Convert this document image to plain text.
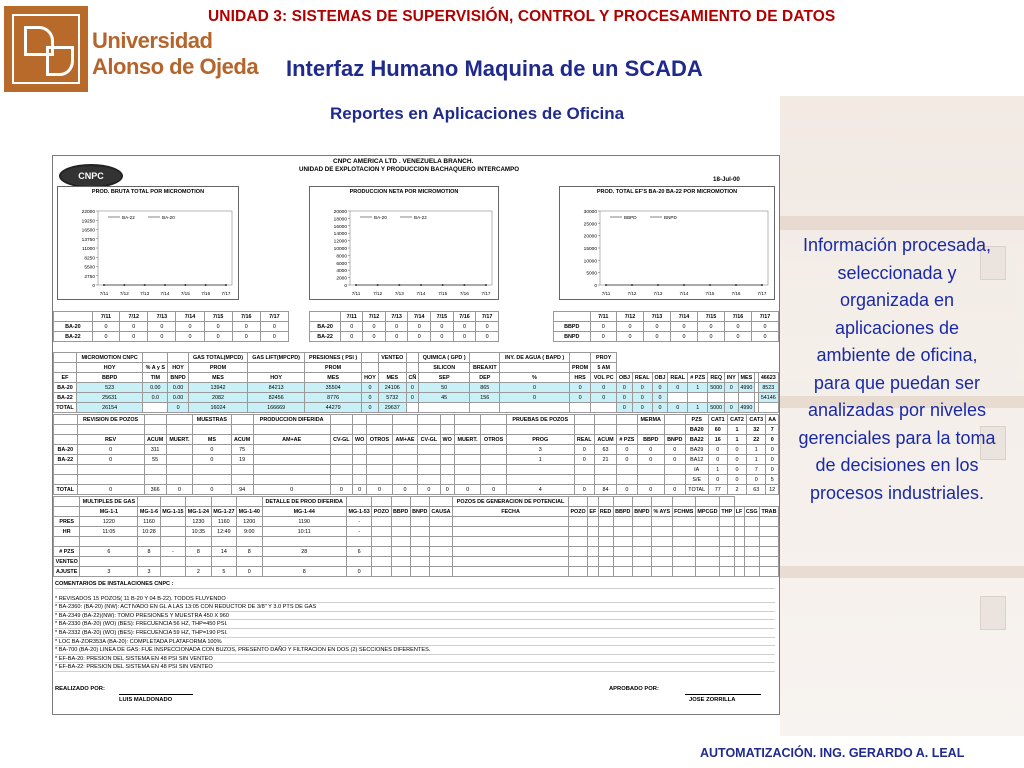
Universidad
Alonso de Ojeda
UNIDAD 3: SISTEMAS DE SUPERVISIÓN, CONTROL Y PROCESAMIENTO DE DATOS
Interfaz Humano Maquina de un SCADA
Reportes en Aplicaciones de Oficina
CNPC
CNPC AMERICA LTD . VENEZUELA BRANCH.
UNIDAD DE EXPLOTACION Y PRODUCCION BACHAQUERO INTERCAMPO
18-Jul-00
PROD. BRUTA TOTAL POR MICROMOTION
22000
19250
16500
13750
11000
8250
5500
2750
0
BA-22	BA-20
7/11	7/12 7/13 7/14 7/15 7/16 7/17
PRODUCCION NETA POR MICROMOTION
20000
18000
16000
14000
12000
10000
8000
6000
4000
2000
0
BA-20	BA-22
7/11	7/12	7/13	7/14	7/15	7/16	7/17
PROD. TOTAL EF'S BA-20 BA-22 POR MICROMOTION
30000
25000
20000
15000
10000
5000
0
BBPD	BNPD
7/11	7/12	7/13	7/14	7/15	7/16	7/17
	7/11	7/12	7/13	7/14	7/15	7/16	7/17
BA-20	0	0	0	0	0	0	0
BA-22	0	0	0	0	0	0	0
	7/11	7/12	7/13	7/14	7/15	7/16	7/17
BA-20	0	0	0	0	0	0	0
BA-22	0	0	0	0	0	0	0
	7/11	7/12	7/13	7/14	7/15	7/16	7/17
BBPD	0	0	0	0	0	0	0
BNPD	0	0	0	0	0	0	0
	MICROMOTION CNPC			GAS TOTAL(MPCD)	GAS LIFT(MPCPD)	PRESIONES ( PSI )		VENTEO		QUIMICA ( GPD )		INY. DE AGUA ( BAPD )		PROY										
	HOY	% A y S	HOY	PROM		PROM				SILICON	BREAXIT		PROM	5 AM										
EF	BBPD	TIM	BNPD	MES	HOY	MES	HOY	MES	CÑ	SEP	DEP	%	HRS	VOL PC	OBJ	REAL	OBJ	REAL	# PZS	REQ	INY	MES		46623
BA-20	523	0.00	0.00	13942	84213	35504	0	24106	0	50	865	0	0	0	0	0	0	0	1	5000	0	4990		8523
BA-22	25631	0.0	0.00	2082	82456	8776	0	5732	0	45	156	0	0	0	0	0	0							54146
TOTAL	26154		0	16024	166669	44279	0	29637							0	0	0	0	1	5000	0	4990		
	REVISION DE POZOS			MUESTRAS		PRODUCCION DIFERIDA									PRUEBAS DE POZOS				MERMA		PZS	CAT1	CAT2	CAT3	AA
																					BA20	60	1	32	7
	REV	ACUM	MUERT.	MS	ACUM	AM+AE	CV-GL	WO	OTROS	AM+AE	CV-GL	WO	MUERT.	OTROS	PROG	REAL	ACUM	# PZS	BBPD	BNPD	BA22	16	1	22	0
BA-20	0	311		0	75										3	0	63	0	0	0	BA29	0	0	1	0
BA-22	0	55		0	19										1	0	21	0	0	0	BA12	0	0	1	0
																					IA	1	0	7	0
																					S/E	0	0	0	5
TOTAL	0	366	0	0	94	0	0	0	0	0	0	0	0	0	4	0	84	0	0	0	TOTAL	77	2	63	12
	MULTIPLES DE GAS						DETALLE DE PROD DIFERIDA						POZOS DE GENERACION DE POTENCIAL												
	MG-1-1	MG-1-6	MG-1-15	MG-1-24	MG-1-27	MG-1-40	MG-1-44	MG-1-53	POZO	BBPD	BNPD	CAUSA	FECHA	POZO	EF	RED	BBPD	BNPD	% AYS	FCHMS	MPCGD	THP	LF	CSG	TRAB
PRES	1220	1160		1230	1160	1200	1190	-																	
HR	11:05	10:28		10:35	12:49	9:00	10:11	-																	

# PZS	6	8	-	8	14	8	28	6																	
VENTEO																									
AJUSTE	3	3		2	5	0	8	0																	
COMENTARIOS DE INSTALACIONES CNPC :
* REVISADOS 15 POZOS( 11 B-20 Y 04 B-22). TODOS FLUYENDO
* BA-2360: (BA-20) (NW): ACTIVADO EN GL A LAS 13:05 CON REDUCTOR DE 3/8" Y 3.0 PTS DE GAS
* BA-2349 (BA-22)(NW): TOMO PRESIONES Y MUESTRA 450 X 960
* BA-2330 (BA-20) (WO) (BES): FRECUENCIA 56 HZ, THP=450 PSI.
* BA-2332 (BA-20) (WO) (BES): FRECUENCIA 59 HZ, THP=190 PSI.
* LOC BA-ZOR353A (BA-20): COMPLETADA PLATAFORMA 100%
* BA-700 (BA-20) LINEA DE GAS: FUE INSPECCIONADA CON BUZOS, PRESENTO DAÑO Y FILTRACION EN DOS (2) SECCIONES DIFERENTES.
* EF-BA-20: PRESION DEL SISTEMA EN 48 PSI SIN VENTEO
* EF-BA-22: PRESION DEL SISTEMA EN 48 PSI SIN VENTEO
REALIZADO POR:
LUIS MALDONADO
APROBADO POR:
JOSE ZORRILLA
Información procesada, seleccionada y organizada en aplicaciones de ambiente de oficina, para que puedan ser analizadas por niveles gerenciales para la toma de decisiones en los procesos industriales.
AUTOMATIZACIÓN. ING. GERARDO A. LEAL
